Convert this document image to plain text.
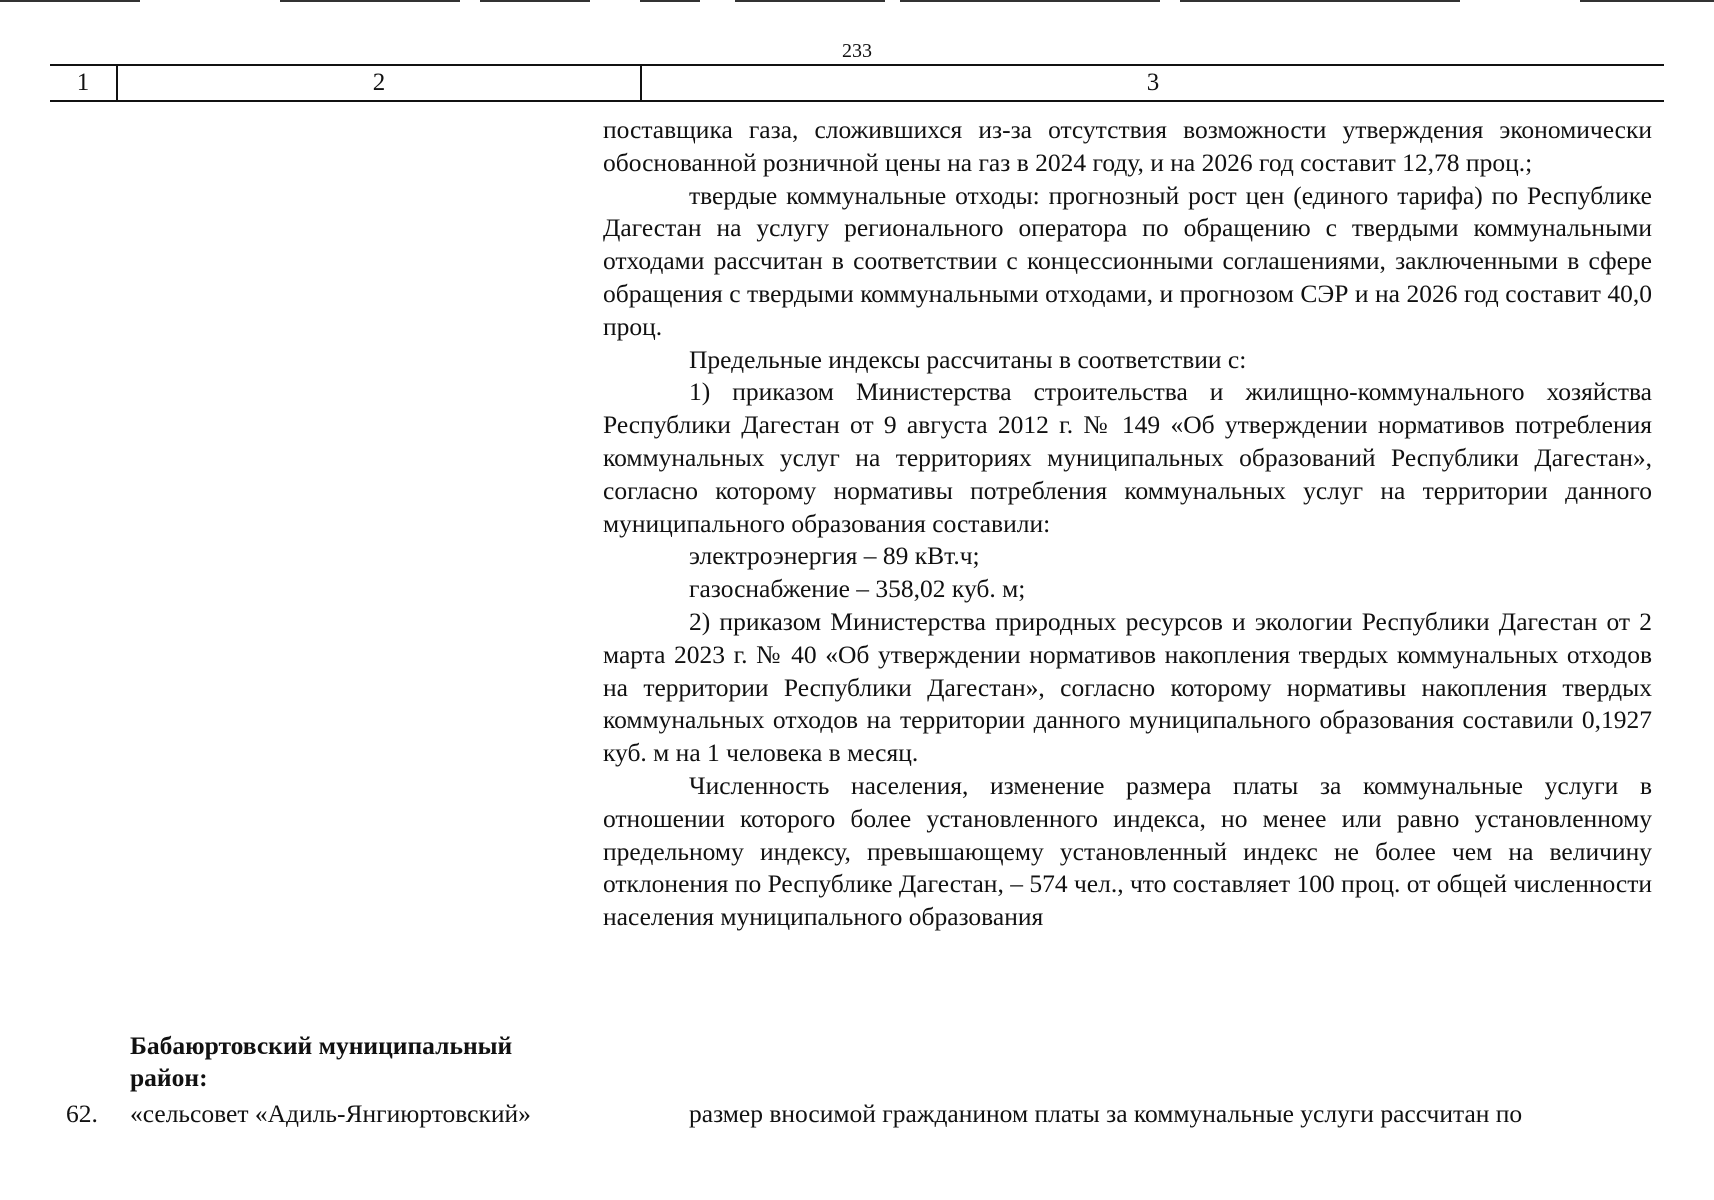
233
1	2	3

поставщика газа, сложившихся из-за отсутствия возможности утверждения экономически обоснованной розничной цены на газ в 2024 году, и на 2026 год составит 12,78 проц.;

твердые коммунальные отходы: прогнозный рост цен (единого тарифа) по Республике Дагестан на услугу регионального оператора по обращению с твердыми коммунальными отходами рассчитан в соответствии с концессионными соглашениями, заключенными в сфере обращения с твердыми коммунальными отходами, и прогнозом СЭР и на 2026 год составит 40,0 проц.

Предельные индексы рассчитаны в соответствии с:

1) приказом Министерства строительства и жилищно-коммунального хозяйства Республики Дагестан от 9 августа 2012 г. № 149 «Об утверждении нормативов потребления коммунальных услуг на территориях муниципальных образований Республики Дагестан», согласно которому нормативы потребления коммунальных услуг на территории данного муниципального образования составили:

электроэнергия – 89 кВт.ч;

газоснабжение – 358,02 куб. м;

2) приказом Министерства природных ресурсов и экологии Республики Дагестан от 2 марта 2023 г. № 40 «Об утверждении нормативов накопления твердых коммунальных отходов на территории Республики Дагестан», согласно которому нормативы накопления твердых коммунальных отходов на территории данного муниципального образования составили 0,1927 куб. м на 1 человека в месяц.

Численность населения, изменение размера платы за коммунальные услуги в отношении которого более установленного индекса, но менее или равно установленному предельному индексу, превышающему установленный индекс не более чем на величину отклонения по Республике Дагестан, – 574 чел., что составляет 100 проц. от общей численности населения муниципального образования

Бабаюртовский муниципальный район:
62. «сельсовет «Адиль-Янгиюртовский»	размер вносимой гражданином платы за коммунальные услуги рассчитан по
